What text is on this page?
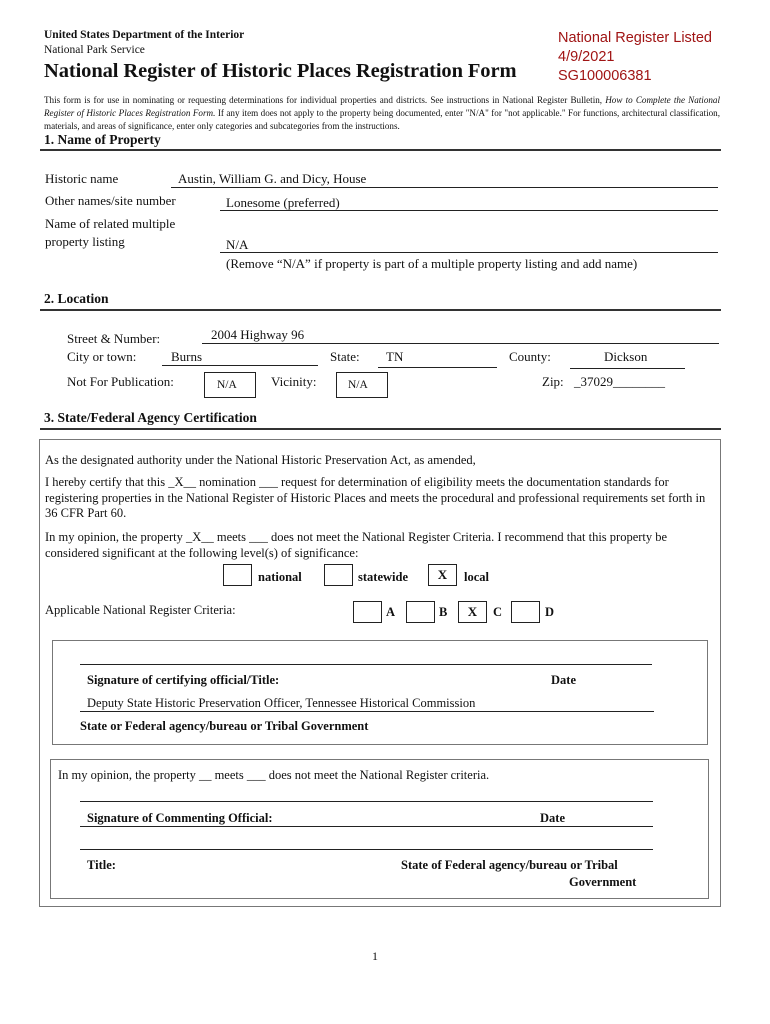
United States Department of the Interior
National Park Service
National Register of Historic Places Registration Form
National Register Listed
4/9/2021
SG100006381
This form is for use in nominating or requesting determinations for individual properties and districts. See instructions in National Register Bulletin, How to Complete the National Register of Historic Places Registration Form. If any item does not apply to the property being documented, enter "N/A" for "not applicable." For functions, architectural classification, materials, and areas of significance, enter only categories and subcategories from the instructions.
1. Name of Property
Historic name	Austin, William G. and Dicy, House
Other names/site number	Lonesome (preferred)
Name of related multiple
property listing	N/A
(Remove “N/A” if property is part of a multiple property listing and add name)
2. Location
Street & Number:	2004 Highway 96
City or town:	Burns	State: TN	County:	Dickson
Not For Publication:	N/A	Vicinity:	N/A	Zip: _37029________
3. State/Federal Agency Certification
As the designated authority under the National Historic Preservation Act, as amended,
I hereby certify that this _X__ nomination ___ request for determination of eligibility meets the documentation standards for registering properties in the National Register of Historic Places and meets the procedural and professional requirements set forth in 36 CFR Part 60.
In my opinion, the property _X__ meets ___ does not meet the National Register Criteria. I recommend that this property be considered significant at the following level(s) of significance:
national	statewide	X	local
Applicable National Register Criteria:	A	B	X	C	D
Signature of certifying official/Title:	Date
Deputy State Historic Preservation Officer, Tennessee Historical Commission
State or Federal agency/bureau or Tribal Government
In my opinion, the property __ meets ___ does not meet the National Register criteria.
Signature of Commenting Official:	Date
Title:	State of Federal agency/bureau or Tribal
Government
1
